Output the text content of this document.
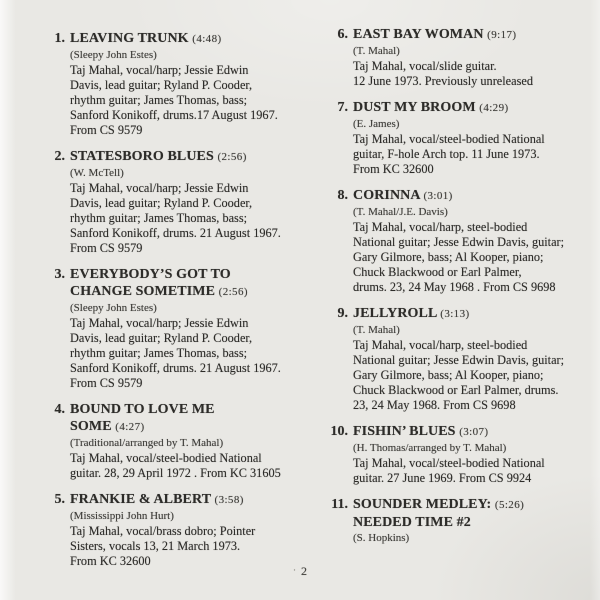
1. LEAVING TRUNK (4:48)
(Sleepy John Estes)
Taj Mahal, vocal/harp; Jessie Edwin
Davis, lead guitar; Ryland P. Cooder,
rhythm guitar; James Thomas, bass;
Sanford Konikoff, drums.17 August 1967.
From CS 9579
2. STATESBORO BLUES (2:56)
(W. McTell)
Taj Mahal, vocal/harp; Jessie Edwin
Davis, lead guitar; Ryland P. Cooder,
rhythm guitar; James Thomas, bass;
Sanford Konikoff, drums. 21 August 1967.
From CS 9579
3. EVERYBODY’S GOT TO
CHANGE SOMETIME (2:56)
(Sleepy John Estes)
Taj Mahal, vocal/harp; Jessie Edwin
Davis, lead guitar; Ryland P. Cooder,
rhythm guitar; James Thomas, bass;
Sanford Konikoff, drums. 21 August 1967.
From CS 9579
4. BOUND TO LOVE ME
SOME (4:27)
(Traditional/arranged by T. Mahal)
Taj Mahal, vocal/steel-bodied National
guitar. 28, 29 April 1972 . From KC 31605
5. FRANKIE & ALBERT (3:58)
(Mississippi John Hurt)
Taj Mahal, vocal/brass dobro; Pointer
Sisters, vocals 13, 21 March 1973.
From KC 32600
6. EAST BAY WOMAN (9:17)
(T. Mahal)
Taj Mahal, vocal/slide guitar.
12 June 1973. Previously unreleased
7. DUST MY BROOM (4:29)
(E. James)
Taj Mahal, vocal/steel-bodied National
guitar, F-hole Arch top. 11 June 1973.
From KC 32600
8. CORINNA (3:01)
(T. Mahal/J.E. Davis)
Taj Mahal, vocal/harp, steel-bodied
National guitar; Jesse Edwin Davis, guitar;
Gary Gilmore, bass; Al Kooper, piano;
Chuck Blackwood or Earl Palmer,
drums. 23, 24 May 1968 . From CS 9698
9. JELLYROLL (3:13)
(T. Mahal)
Taj Mahal, vocal/harp, steel-bodied
National guitar; Jesse Edwin Davis, guitar;
Gary Gilmore, bass; Al Kooper, piano;
Chuck Blackwood or Earl Palmer, drums.
23, 24 May 1968. From CS 9698
10. FISHIN’ BLUES (3:07)
(H. Thomas/arranged by T. Mahal)
Taj Mahal, vocal/steel-bodied National
guitar. 27 June 1969. From CS 9924
11. SOUNDER MEDLEY: (5:26)
NEEDED TIME #2
(S. Hopkins)
· 2
